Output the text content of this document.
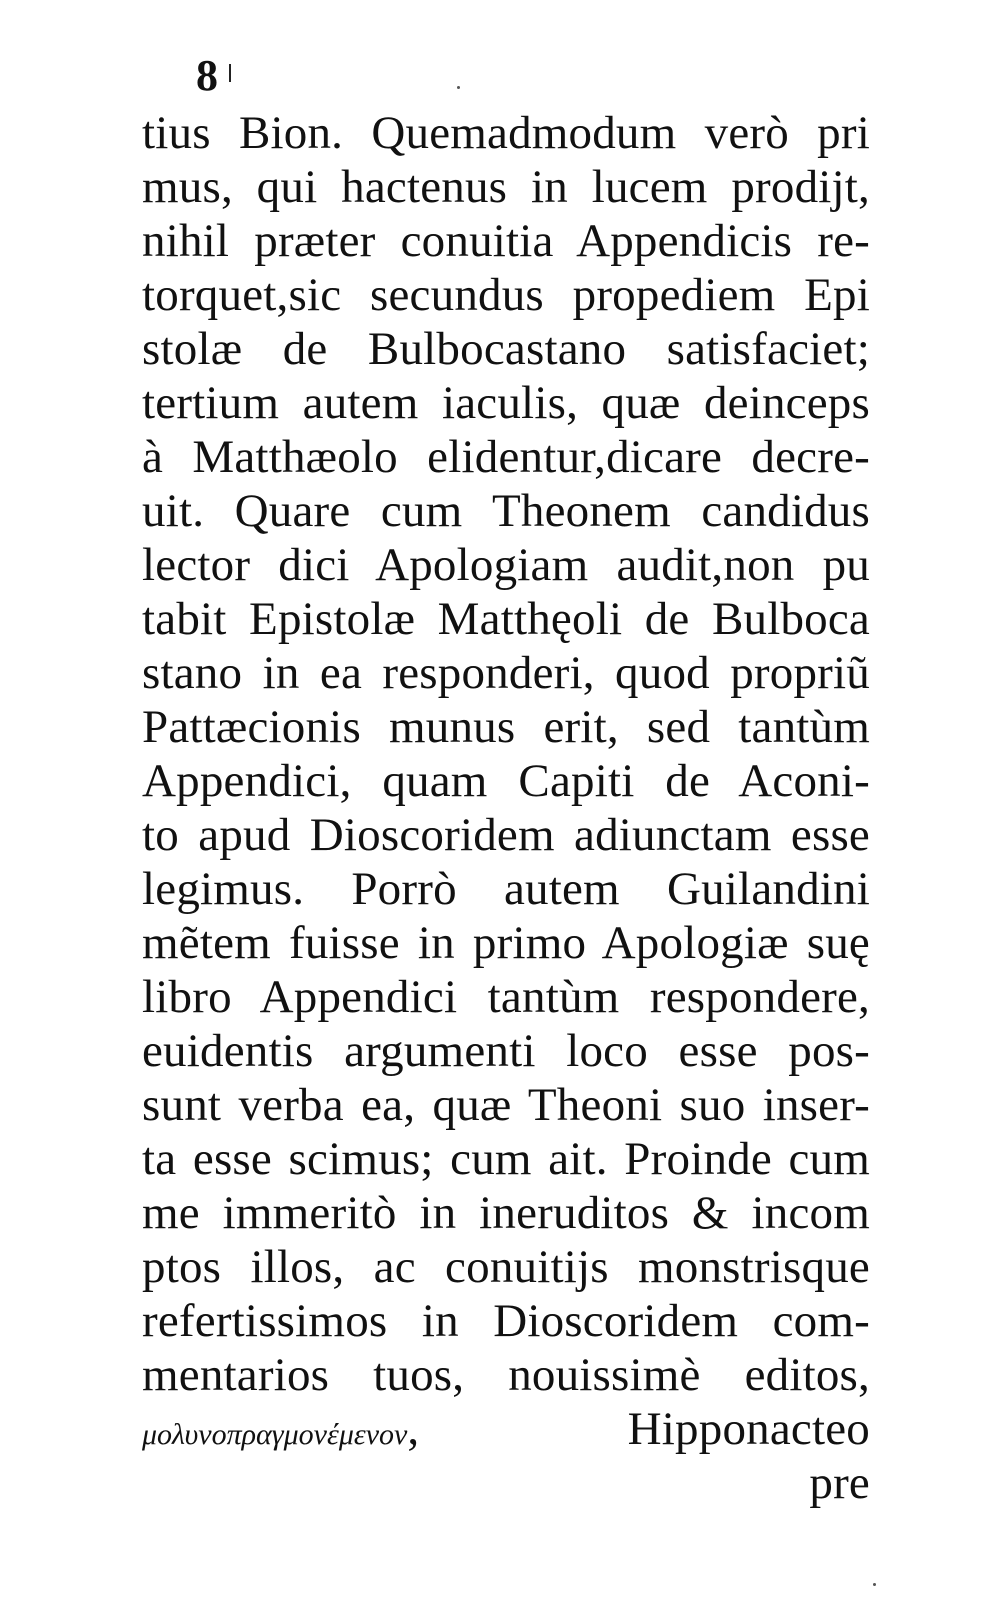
8
tius Bion. Quemadmodum verò pri
mus, qui hactenus in lucem prodijt,
nihil præter conuitia Appendicis re-
torquet,sic secundus propediem Epi
stolæ de Bulbocastano satisfaciet;
tertium autem iaculis, quæ deinceps
à Matthæolo elidentur,dicare decre-
uit. Quare cum Theonem candidus
lector dici Apologiam audit,non pu
tabit Epistolæ Matthęoli de Bulboca
stano in ea responderi, quod propriũ
Pattæcionis munus erit, sed tantùm
Appendici, quam Capiti de Aconi-
to apud Dioscoridem adiunctam esse
legimus. Porrò autem Guilandini
mẽtem fuisse in primo Apologiæ suę
libro Appendici tantùm respondere,
euidentis argumenti loco esse pos-
sunt verba ea, quæ Theoni suo inser-
ta esse scimus; cum ait. Proinde cum
me immeritò in ineruditos & incom
ptos illos, ac conuitijs monstrisque
refertissimos in Dioscoridem com-
mentarios tuos, nouissimè editos,
μολυνοπραγμονέμενον, Hipponacteo
pre
